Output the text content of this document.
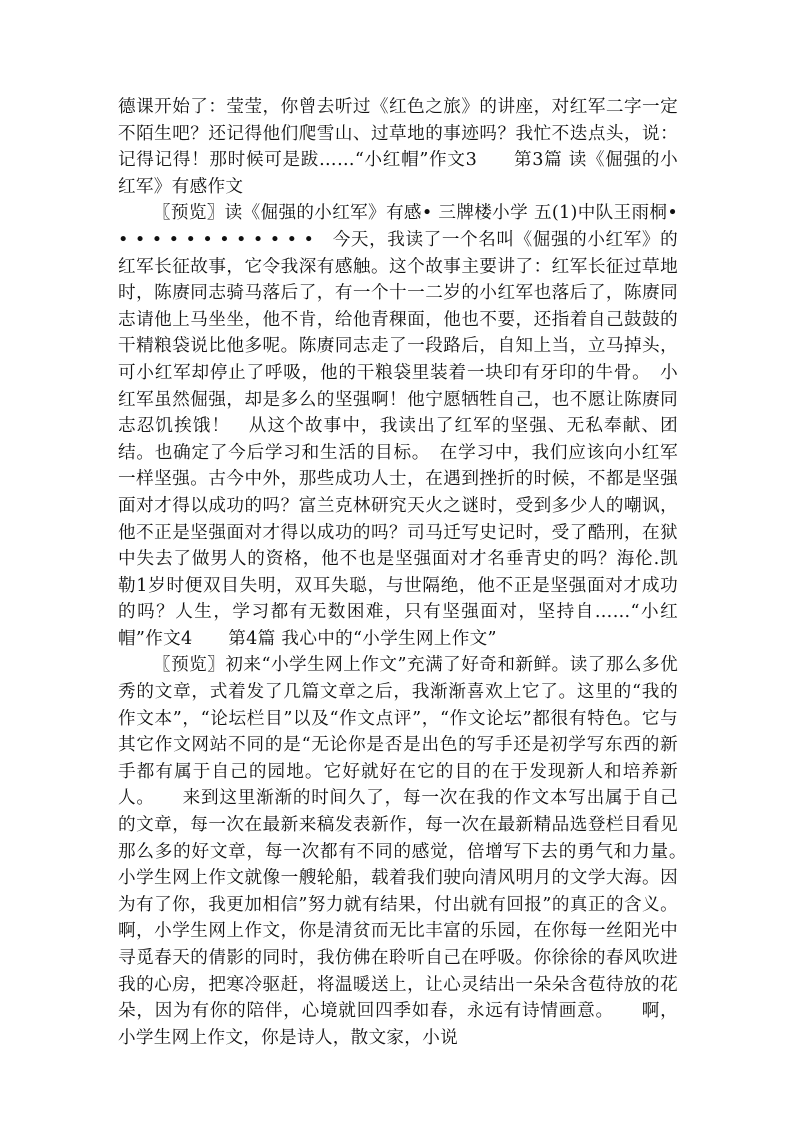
德课开始了：莹莹，你曾去听过《红色之旅》的讲座，对红军二字一定不陌生吧？还记得他们爬雪山、过草地的事迹吗？我忙不迭点头，说：记得记得！那时候可是跋……“小红帽”作文3　　第3篇 读《倔强的小红军》有感作文

〖预览〗读《倔强的小红军》有感• 三牌楼小学 五(1)中队王雨桐• • • • • • • • • • • • •　今天，我读了一个名叫《倔强的小红军》的红军长征故事，它令我深有感触。这个故事主要讲了：红军长征过草地时，陈赓同志骑马落后了，有一个十一二岁的小红军也落后了，陈赓同志请他上马坐坐，他不肯，给他青稞面，他也不要，还指着自己鼓鼓的干精粮袋说比他多呢。陈赓同志走了一段路后，自知上当，立马掉头，可小红军却停止了呼吸，他的干粮袋里装着一块印有牙印的牛骨。　小红军虽然倔强，却是多么的坚强啊！他宁愿牺牲自己，也不愿让陈赓同志忍饥挨饿！　从这个故事中，我读出了红军的坚强、无私奉献、团结。也确定了今后学习和生活的目标。　在学习中，我们应该向小红军一样坚强。古今中外，那些成功人士，在遇到挫折的时候，不都是坚强面对才得以成功的吗？富兰克林研究天火之谜时，受到多少人的嘲讽，他不正是坚强面对才得以成功的吗？司马迁写史记时，受了酷刑，在狱中失去了做男人的资格，他不也是坚强面对才名垂青史的吗？海伦.凯勒1岁时便双目失明，双耳失聪，与世隔绝，他不正是坚强面对才成功的吗？人生，学习都有无数困难，只有坚强面对，坚持自……“小红帽”作文4　　第4篇 我心中的“小学生网上作文”

〖预览〗初来“小学生网上作文”充满了好奇和新鲜。读了那么多优秀的文章，式着发了几篇文章之后，我渐渐喜欢上它了。这里的“我的作文本”，“论坛栏目”以及“作文点评”，“作文论坛”都很有特色。它与其它作文网站不同的是“无论你是否是出色的写手还是初学写东西的新手都有属于自己的园地。它好就好在它的目的在于发现新人和培养新人。　　来到这里渐渐的时间久了，每一次在我的作文本写出属于自己的文章，每一次在最新来稿发表新作，每一次在最新精品选登栏目看见那么多的好文章，每一次都有不同的感觉，倍增写下去的勇气和力量。　　小学生网上作文就像一艘轮船，载着我们驶向清风明月的文学大海。因为有了你，我更加相信”努力就有结果，付出就有回报”的真正的含义。啊，小学生网上作文，你是清贫而无比丰富的乐园，在你每一丝阳光中寻觅春天的倩影的同时，我仿佛在聆听自己在呼吸。你徐徐的春风吹进我的心房，把寒冷驱赶，将温暖送上，让心灵结出一朵朵含苞待放的花朵，因为有你的陪伴，心境就回四季如春，永远有诗情画意。　　啊，小学生网上作文，你是诗人，散文家，小说
